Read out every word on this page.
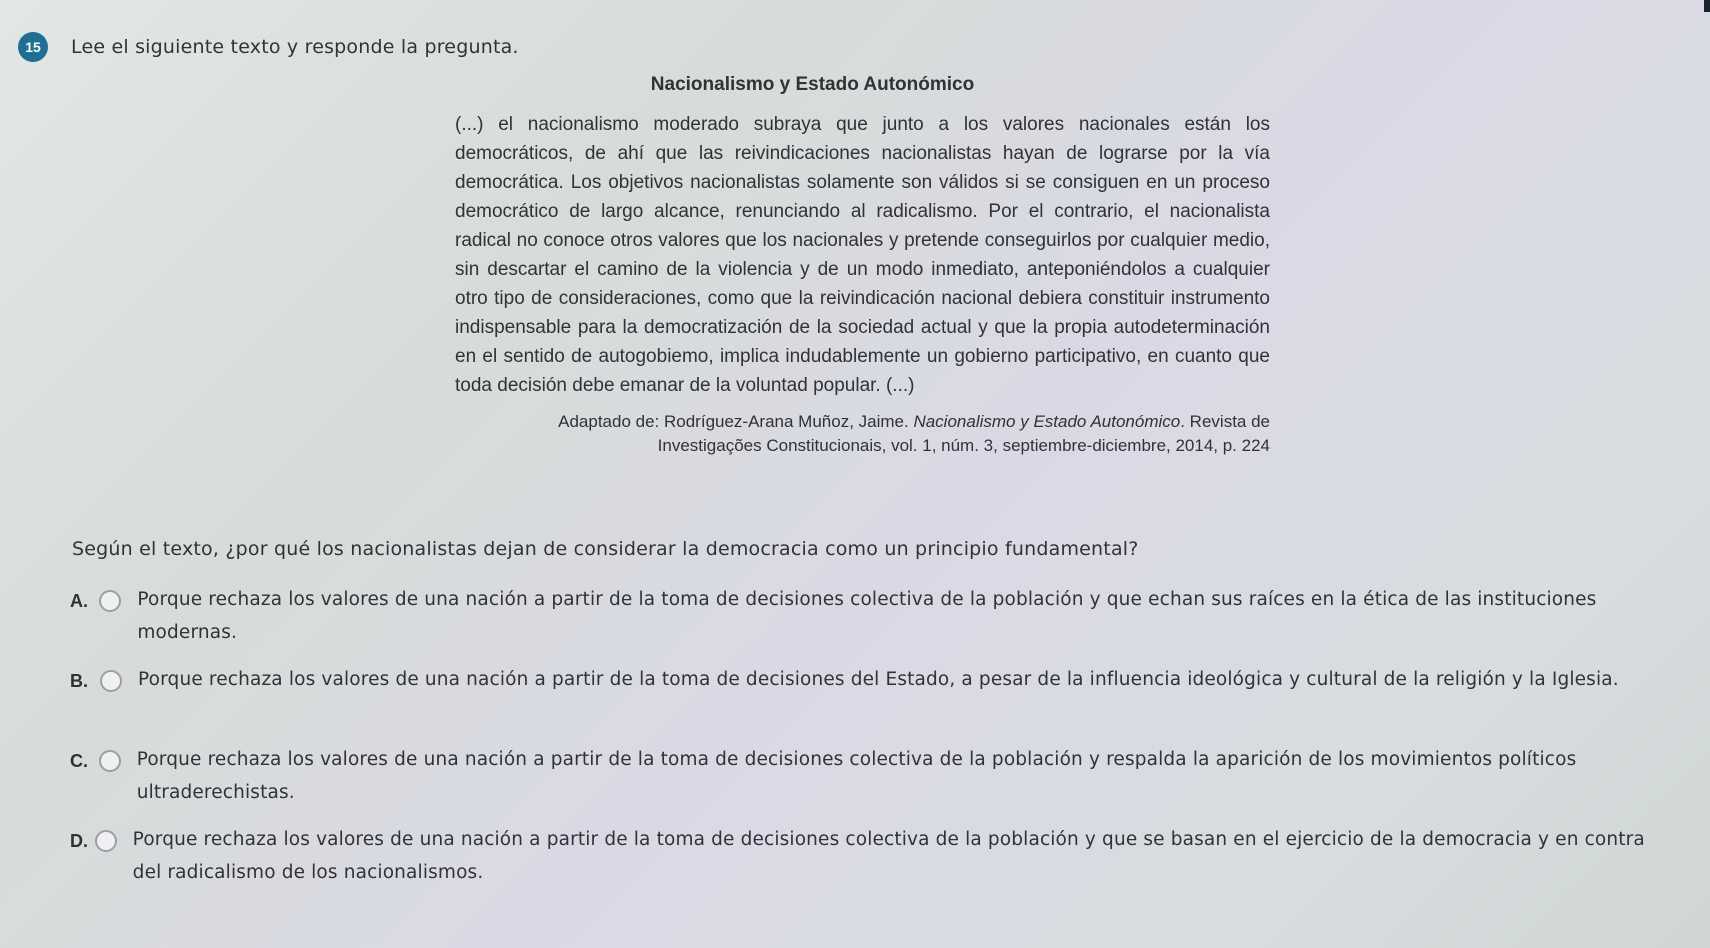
15	Lee el siguiente texto y responde la pregunta.
Nacionalismo y Estado Autonómico

(...) el nacionalismo moderado subraya que junto a los valores nacionales están los democráticos, de ahí que las reivindicaciones nacionalistas hayan de lograrse por la vía democrática. Los objetivos nacionalistas solamente son válidos si se consiguen en un proceso democrático de largo alcance, renunciando al radicalismo. Por el contrario, el nacionalista radical no conoce otros valores que los nacionales y pretende conseguirlos por cualquier medio, sin descartar el camino de la violencia y de un modo inmediato, anteponiéndolos a cualquier otro tipo de consideraciones, como que la reivindicación nacional debiera constituir instrumento indispensable para la democratización de la sociedad actual y que la propia autodeterminación en el sentido de autogobiemo, implica indudablemente un gobierno participativo, en cuanto que toda decisión debe emanar de la voluntad popular. (...)

Adaptado de: Rodríguez-Arana Muñoz, Jaime. Nacionalismo y Estado Autonómico. Revista de Investigações Constitucionais, vol. 1, núm. 3, septiembre-diciembre, 2014, p. 224
Según el texto, ¿por qué los nacionalistas dejan de considerar la democracia como un principio fundamental?
A.	Porque rechaza los valores de una nación a partir de la toma de decisiones colectiva de la población y que echan sus raíces en la ética de las instituciones modernas.
B.	Porque rechaza los valores de una nación a partir de la toma de decisiones del Estado, a pesar de la influencia ideológica y cultural de la religión y la Iglesia.
C.	Porque rechaza los valores de una nación a partir de la toma de decisiones colectiva de la población y respalda la aparición de los movimientos políticos ultraderechistas.
D.	Porque rechaza los valores de una nación a partir de la toma de decisiones colectiva de la población y que se basan en el ejercicio de la democracia y en contra del radicalismo de los nacionalismos.
